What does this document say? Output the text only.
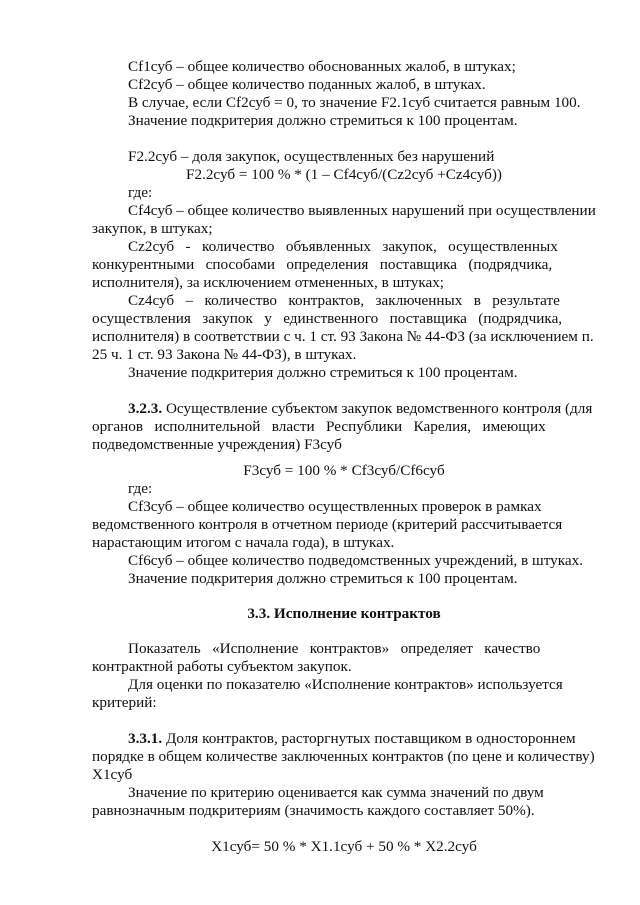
Cf1суб – общее количество обоснованных жалоб, в штуках;
Cf2суб – общее количество поданных жалоб, в штуках.
В случае, если Cf2суб = 0, то значение F2.1суб считается равным 100.
Значение подкритерия должно стремиться к 100 процентам.
F2.2суб – доля закупок, осуществленных без нарушений
F2.2суб = 100 % * (1 – Cf4суб/(Cz2суб +Cz4суб))
где:
Cf4суб – общее количество выявленных нарушений при осуществлении
закупок, в штуках;
Cz2суб   -   количество   объявленных   закупок,   осуществленных
конкурентными   способами   определения   поставщика   (подрядчика,
исполнителя), за исключением отмененных, в штуках;
Cz4суб   –   количество   контрактов,   заключенных   в   результате
осуществления   закупок   у   единственного   поставщика   (подрядчика,
исполнителя) в соответствии с ч. 1 ст. 93 Закона № 44-ФЗ (за исключением п.
25 ч. 1 ст. 93 Закона № 44-ФЗ), в штуках.
Значение подкритерия должно стремиться к 100 процентам.
3.2.3. Осуществление субъектом закупок ведомственного контроля (для
органов   исполнительной   власти   Республики   Карелия,   имеющих
подведомственные учреждения) F3суб
F3суб = 100 % * Cf3суб/Cf6суб
где:
Cf3суб – общее количество осуществленных проверок в рамках
ведомственного контроля в отчетном периоде (критерий рассчитывается
нарастающим итогом с начала года), в штуках.
Cf6суб – общее количество подведомственных учреждений, в штуках.
Значение подкритерия должно стремиться к 100 процентам.
3.3. Исполнение контрактов
Показатель   «Исполнение   контрактов»   определяет   качество
контрактной работы субъектом закупок.
Для оценки по показателю «Исполнение контрактов» используется
критерий:
3.3.1. Доля контрактов, расторгнутых поставщиком в одностороннем
порядке в общем количестве заключенных контрактов (по цене и количеству)
X1суб
Значение по критерию оценивается как сумма значений по двум
равнозначным подкритериям (значимость каждого составляет 50%).
X1суб= 50 % * X1.1суб + 50 % * X2.2суб
